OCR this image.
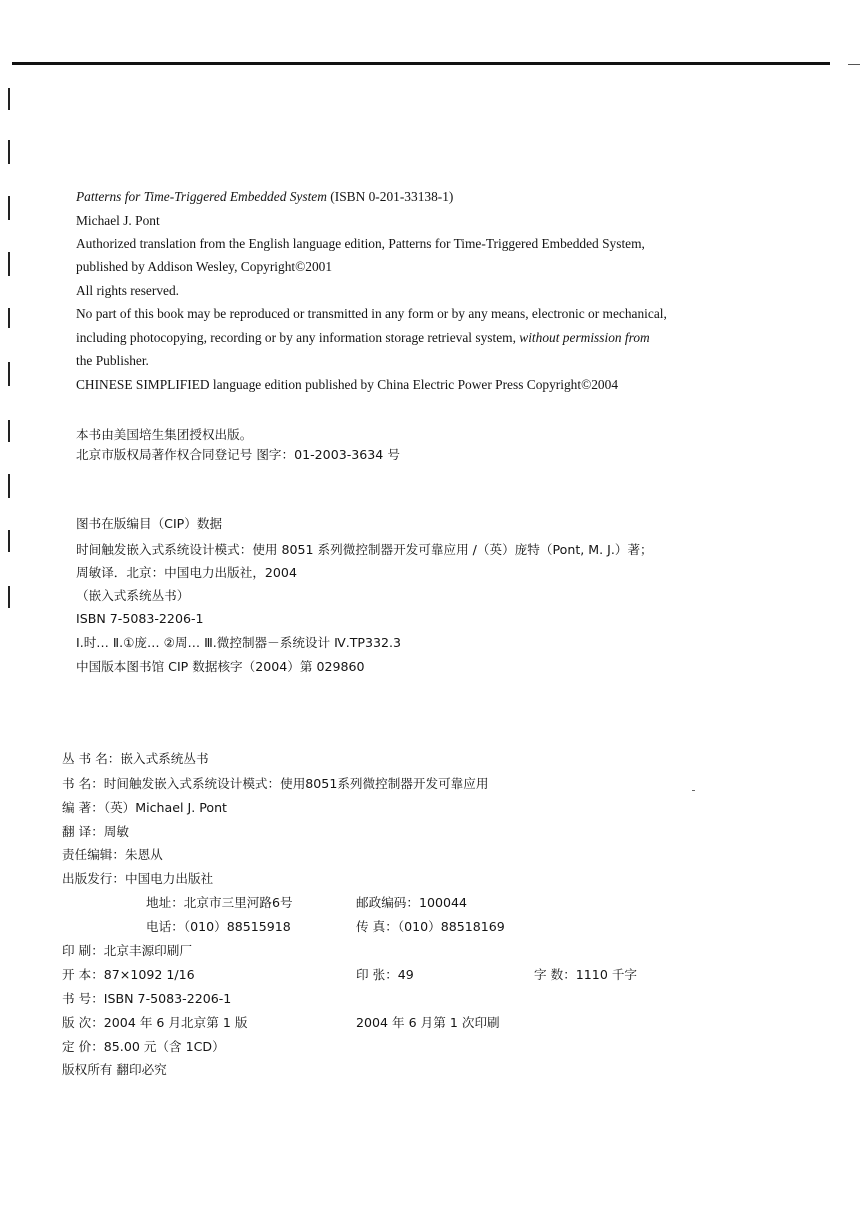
Patterns for Time-Triggered Embedded System (ISBN 0-201-33138-1)
Michael J. Pont
Authorized translation from the English language edition, Patterns for Time-Triggered Embedded System,
published by Addison Wesley, Copyright©2001
All rights reserved.
No part of this book may be reproduced or transmitted in any form or by any means, electronic or mechanical,
including photocopying, recording or by any information storage retrieval system, without permission from
the Publisher.
CHINESE SIMPLIFIED language edition published by China Electric Power Press Copyright©2004
本书由美国培生集团授权出版。
北京市版权局著作权合同登记号 图字：01-2003-3634 号
图书在版编目（CIP）数据
时间触发嵌入式系统设计模式：使用 8051 系列微控制器开发可靠应用 /（英）庞特（Pont, M. J.）著；
周敏译．北京：中国电力出版社，2004
（嵌入式系统丛书）
ISBN 7-5083-2206-1
Ⅰ.时… Ⅱ.①庞… ②周… Ⅲ.微控制器－系统设计 Ⅳ.TP332.3
中国版本图书馆 CIP 数据核字（2004）第 029860
丛 书 名：嵌入式系统丛书
书 名：时间触发嵌入式系统设计模式：使用8051系列微控制器开发可靠应用
编 著：（英）Michael J. Pont
翻 译：周敏
责任编辑：朱恩从
出版发行：中国电力出版社
地址：北京市三里河路6号	邮政编码：100044
电话：（010）88515918	传 真：（010）88518169
印 刷：北京丰源印刷厂
开 本：87×1092 1/16	印 张：49	字 数：1110 千字
书 号：ISBN 7-5083-2206-1
版 次：2004 年 6 月北京第 1 版	2004 年 6 月第 1 次印刷
定 价：85.00 元（含 1CD）
版权所有 翻印必究
